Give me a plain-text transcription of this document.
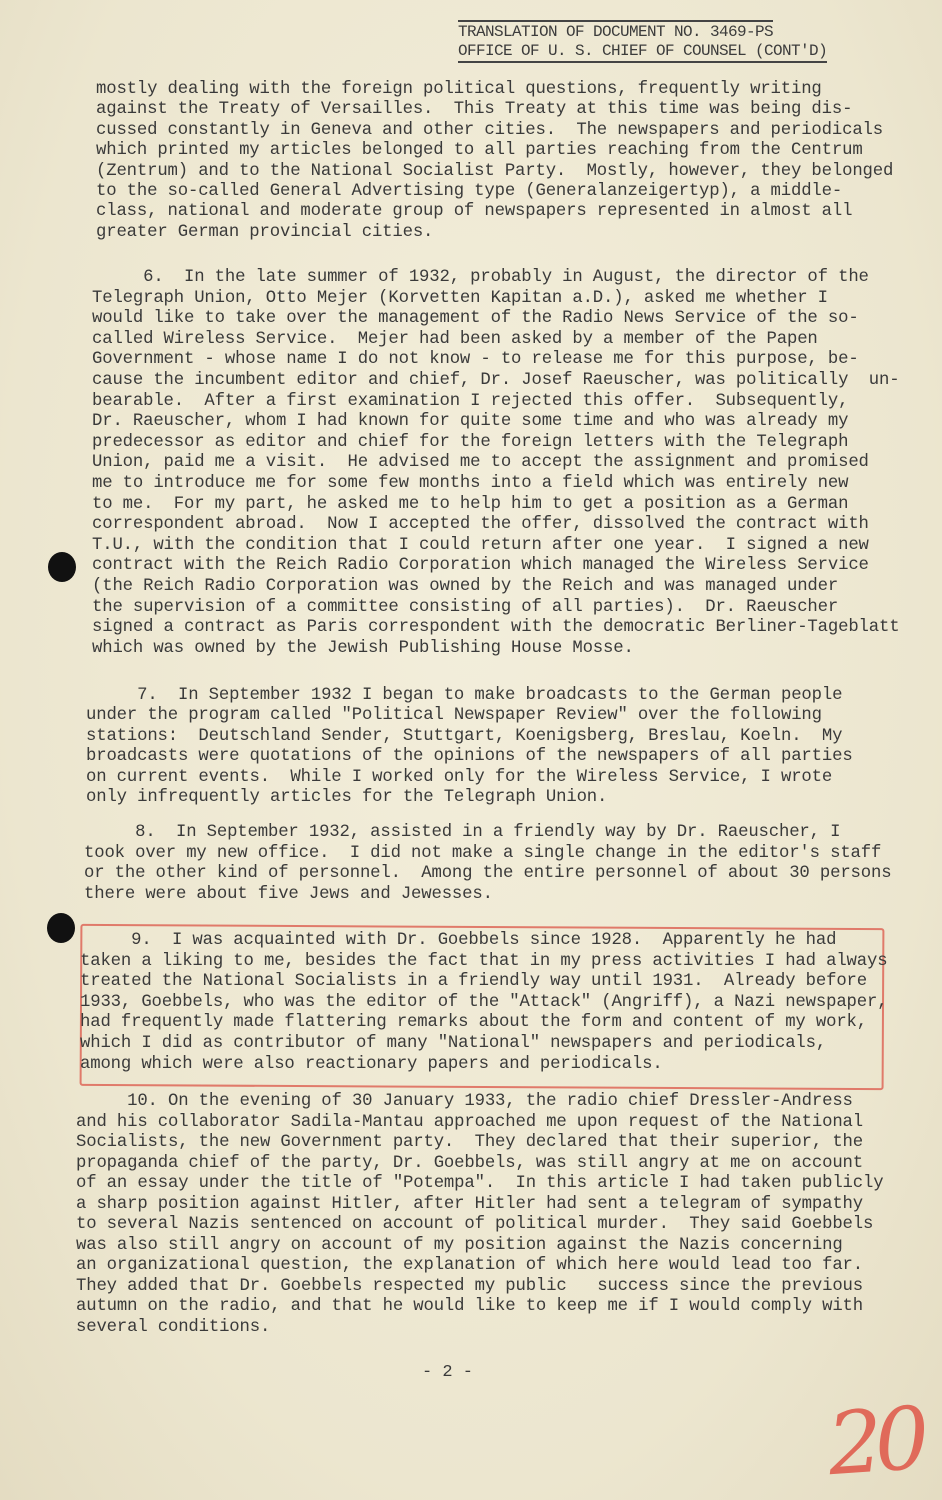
TRANSLATION OF DOCUMENT NO. 3469-PS
OFFICE OF U. S. CHIEF OF COUNSEL (CONT'D)
mostly dealing with the foreign political questions, frequently writing
against the Treaty of Versailles.  This Treaty at this time was being dis-
cussed constantly in Geneva and other cities.  The newspapers and periodicals
which printed my articles belonged to all parties reaching from the Centrum
(Zentrum) and to the National Socialist Party.  Mostly, however, they belonged
to the so-called General Advertising type (Generalanzeigertyp), a middle-
class, national and moderate group of newspapers represented in almost all
greater German provincial cities.
6.  In the late summer of 1932, probably in August, the director of the
Telegraph Union, Otto Mejer (Korvetten Kapitan a.D.), asked me whether I
would like to take over the management of the Radio News Service of the so-
called Wireless Service.  Mejer had been asked by a member of the Papen
Government - whose name I do not know - to release me for this purpose, be-
cause the incumbent editor and chief, Dr. Josef Raeuscher, was politically  un-
bearable.  After a first examination I rejected this offer.  Subsequently,
Dr. Raeuscher, whom I had known for quite some time and who was already my
predecessor as editor and chief for the foreign letters with the Telegraph
Union, paid me a visit.  He advised me to accept the assignment and promised
me to introduce me for some few months into a field which was entirely new
to me.  For my part, he asked me to help him to get a position as a German
correspondent abroad.  Now I accepted the offer, dissolved the contract with
T.U., with the condition that I could return after one year.  I signed a new
contract with the Reich Radio Corporation which managed the Wireless Service
(the Reich Radio Corporation was owned by the Reich and was managed under
the supervision of a committee consisting of all parties).  Dr. Raeuscher
signed a contract as Paris correspondent with the democratic Berliner-Tageblatt
which was owned by the Jewish Publishing House Mosse.
7.  In September 1932 I began to make broadcasts to the German people
under the program called "Political Newspaper Review" over the following
stations:  Deutschland Sender, Stuttgart, Koenigsberg, Breslau, Koeln.  My
broadcasts were quotations of the opinions of the newspapers of all parties
on current events.  While I worked only for the Wireless Service, I wrote
only infrequently articles for the Telegraph Union.
8.  In September 1932, assisted in a friendly way by Dr. Raeuscher, I
took over my new office.  I did not make a single change in the editor's staff
or the other kind of personnel.  Among the entire personnel of about 30 persons
there were about five Jews and Jewesses.
9.  I was acquainted with Dr. Goebbels since 1928.  Apparently he had
taken a liking to me, besides the fact that in my press activities I had always
treated the National Socialists in a friendly way until 1931.  Already before
1933, Goebbels, who was the editor of the "Attack" (Angriff), a Nazi newspaper,
had frequently made flattering remarks about the form and content of my work,
which I did as contributor of many "National" newspapers and periodicals,
among which were also reactionary papers and periodicals.
10. On the evening of 30 January 1933, the radio chief Dressler-Andress
and his collaborator Sadila-Mantau approached me upon request of the National
Socialists, the new Government party.  They declared that their superior, the
propaganda chief of the party, Dr. Goebbels, was still angry at me on account
of an essay under the title of "Potempa".  In this article I had taken publicly
a sharp position against Hitler, after Hitler had sent a telegram of sympathy
to several Nazis sentenced on account of political murder.  They said Goebbels
was also still angry on account of my position against the Nazis concerning
an organizational question, the explanation of which here would lead too far.
They added that Dr. Goebbels respected my public   success since the previous
autumn on the radio, and that he would like to keep me if I would comply with
several conditions.
- 2 -
20
